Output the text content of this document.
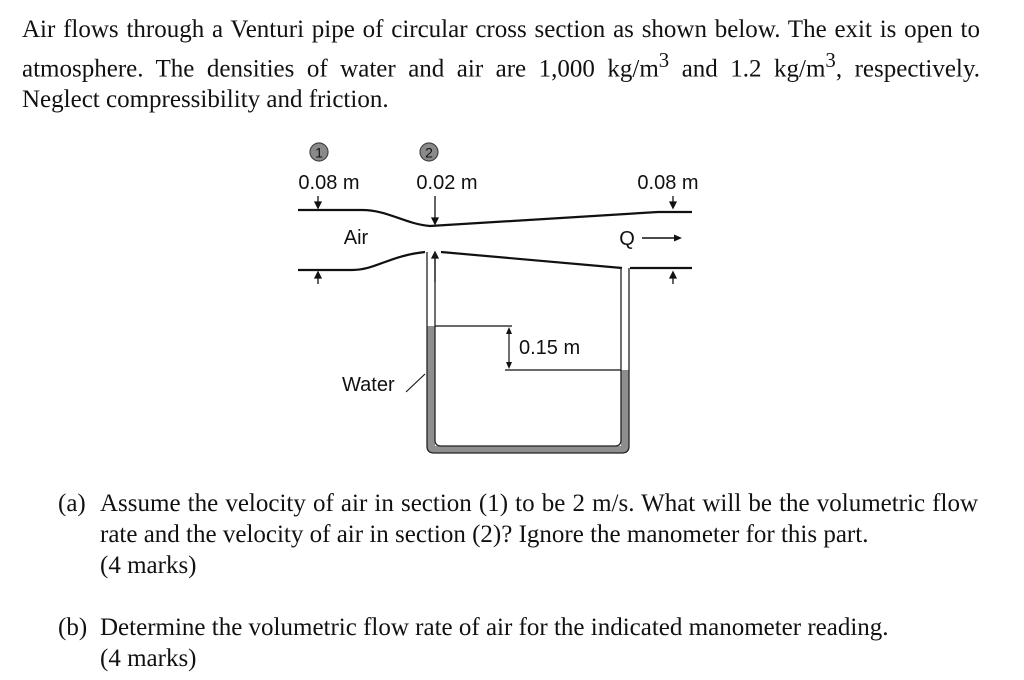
Air flows through a Venturi pipe of circular cross section as shown below. The exit is open to atmosphere. The densities of water and air are 1,000 $kg/m^3$ and 1.2 $kg/m^3$, respectively. Neglect compressibility and friction.
1	2
0.08 m	0.02 m	0.08 m
Air	Q
0.15 m
Water
(a) Assume the velocity of air in section (1) to be 2 m/s. What will be the volumetric flow rate and the velocity of air in section (2)? Ignore the manometer for this part.
(4 marks)
(b) Determine the volumetric flow rate of air for the indicated manometer reading.
(4 marks)
